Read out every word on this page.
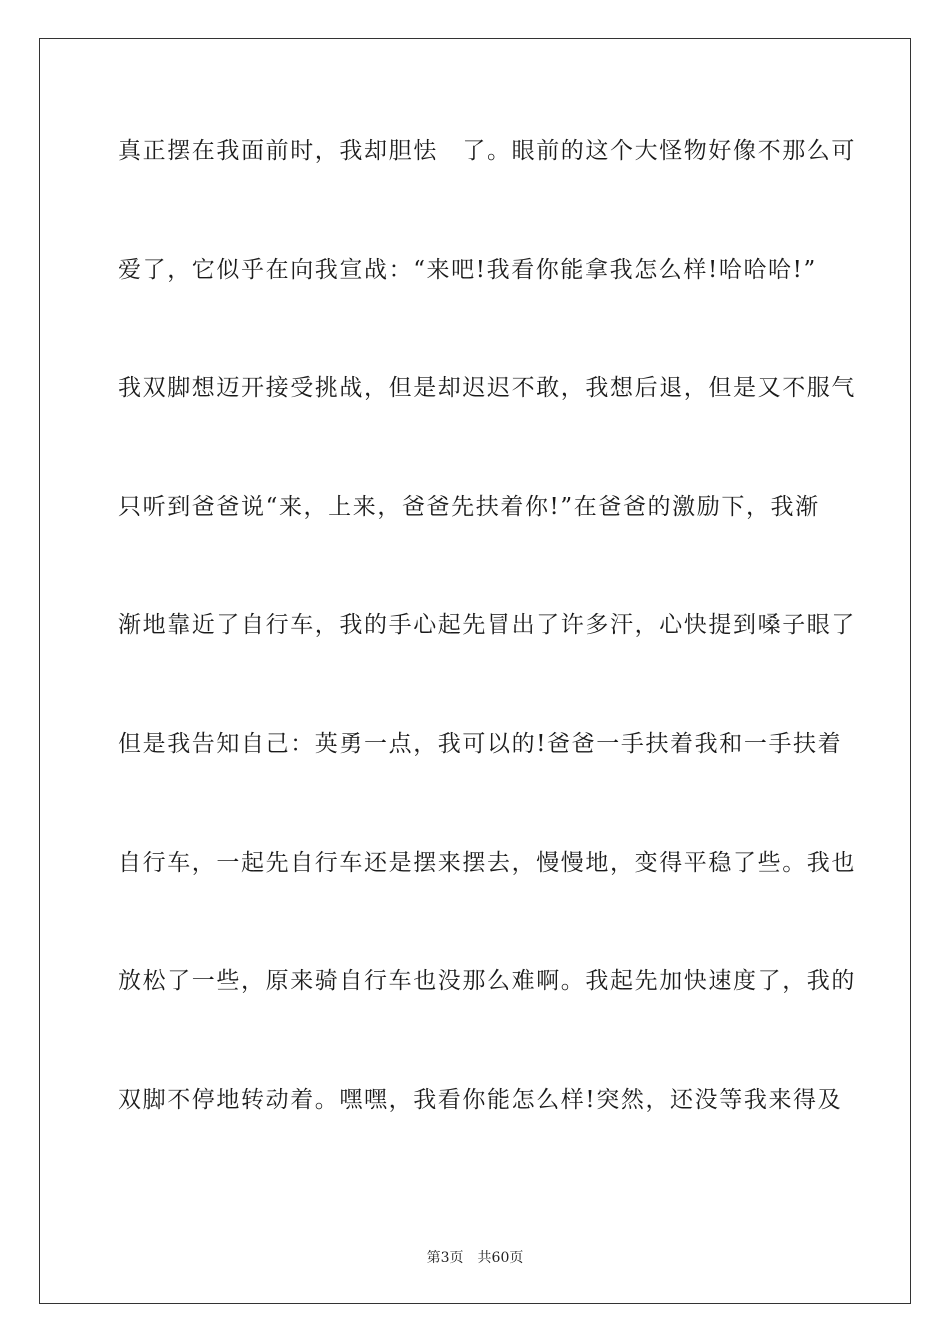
真正摆在我面前时，我却胆怯　了。眼前的这个大怪物好像不那么可
爱了，它似乎在向我宣战：“来吧!我看你能拿我怎么样!哈哈哈!”
我双脚想迈开接受挑战，但是却迟迟不敢，我想后退，但是又不服气
只听到爸爸说“来，上来，爸爸先扶着你!”在爸爸的激励下，我渐
渐地靠近了自行车，我的手心起先冒出了许多汗，心快提到嗓子眼了
但是我告知自己：英勇一点，我可以的!爸爸一手扶着我和一手扶着
自行车，一起先自行车还是摆来摆去，慢慢地，变得平稳了些。我也
放松了一些，原来骑自行车也没那么难啊。我起先加快速度了，我的
双脚不停地转动着。嘿嘿，我看你能怎么样!突然，还没等我来得及
第3页 共60页
